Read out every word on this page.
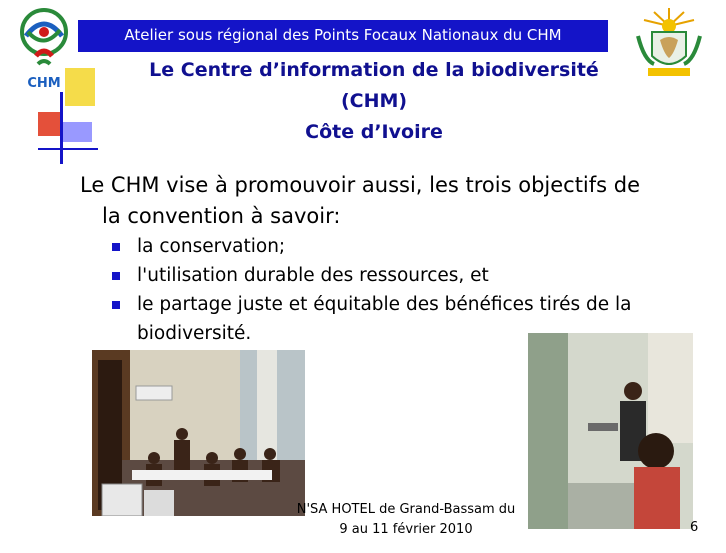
CHM
Atelier sous régional des Points Focaux Nationaux du CHM
Le Centre d’information de la biodiversité
(CHM)
Côte d’Ivoire
Le CHM vise à promouvoir aussi, les trois objectifs de
la convention à savoir:
la conservation;
l'utilisation durable des ressources, et
le partage juste et équitable des bénéfices tirés de la biodiversité.
N'SA HOTEL de Grand-Bassam du
9 au 11 février 2010	6
